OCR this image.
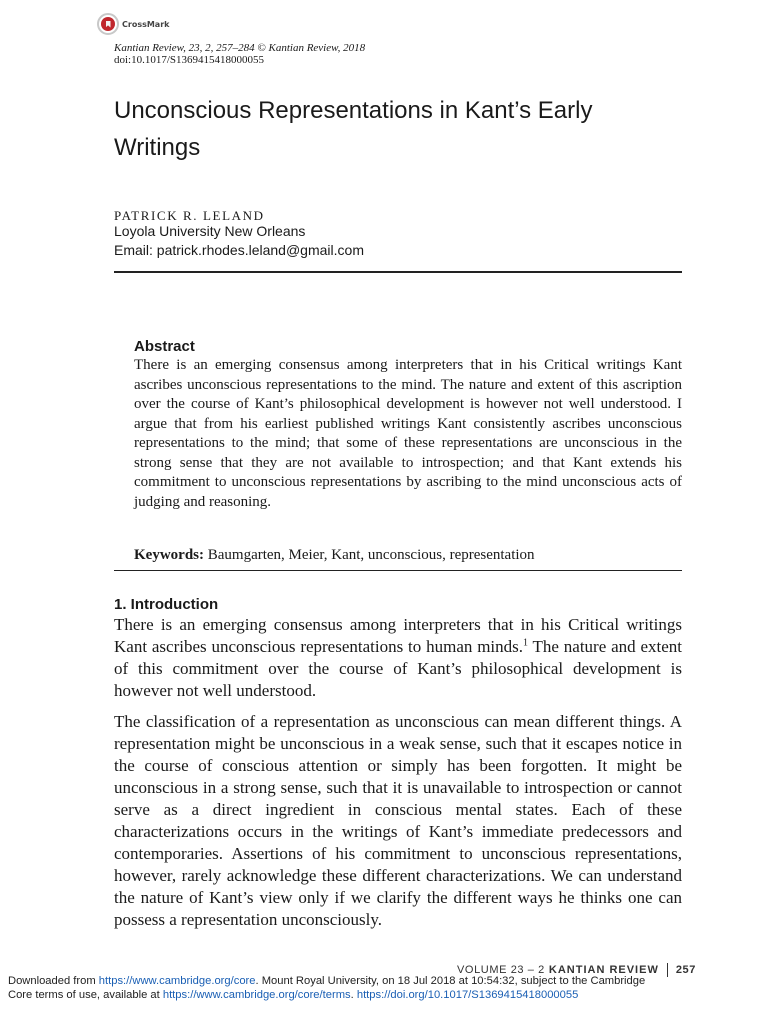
CrossMark
Kantian Review, 23, 2, 257–284 © Kantian Review, 2018
doi:10.1017/S1369415418000055
Unconscious Representations in Kant’s Early Writings
PATRICK R. LELAND
Loyola University New Orleans
Email: patrick.rhodes.leland@gmail.com
Abstract
There is an emerging consensus among interpreters that in his Critical writings Kant ascribes unconscious representations to the mind. The nature and extent of this ascription over the course of Kant’s philosophical development is however not well understood. I argue that from his earliest published writings Kant consistently ascribes unconscious representations to the mind; that some of these representations are unconscious in the strong sense that they are not available to introspection; and that Kant extends his commitment to unconscious representations by ascribing to the mind unconscious acts of judging and reasoning.
Keywords: Baumgarten, Meier, Kant, unconscious, representation
1. Introduction
There is an emerging consensus among interpreters that in his Critical writings Kant ascribes unconscious representations to human minds.$^1$ The nature and extent of this commitment over the course of Kant’s philosophical development is however not well understood.
The classification of a representation as unconscious can mean different things. A representation might be unconscious in a weak sense, such that it escapes notice in the course of conscious attention or simply has been forgotten. It might be unconscious in a strong sense, such that it is unavailable to introspection or cannot serve as a direct ingredient in conscious mental states. Each of these characterizations occurs in the writings of Kant’s immediate predecessors and contemporaries. Assertions of his commitment to unconscious representations, however, rarely acknowledge these different characterizations. We can understand the nature of Kant’s view only if we clarify the different ways he thinks one can possess a representation unconsciously.
VOLUME 23 – 2 KANTIAN REVIEW 257
Downloaded from https://www.cambridge.org/core. Mount Royal University, on 18 Jul 2018 at 10:54:32, subject to the Cambridge
Core terms of use, available at https://www.cambridge.org/core/terms. https://doi.org/10.1017/S1369415418000055
